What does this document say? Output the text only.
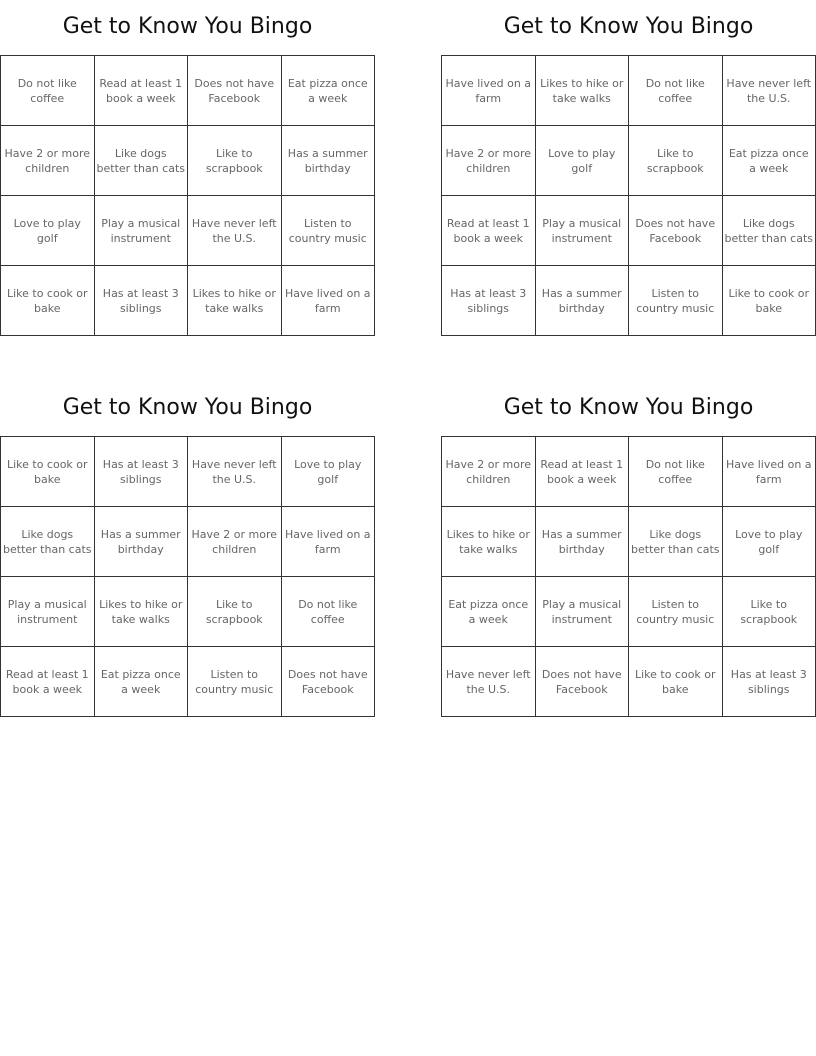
Get to Know You Bingo
Do not like coffee
Read at least 1 book a week
Does not have Facebook
Eat pizza once a week
Have 2 or more children
Like dogs better than cats
Like to scrapbook
Has a summer birthday
Love to play golf
Play a musical instrument
Have never left the U.S.
Listen to country music
Like to cook or bake
Has at least 3 siblings
Likes to hike or take walks
Have lived on a farm
Get to Know You Bingo
Have lived on a farm
Likes to hike or take walks
Do not like coffee
Have never left the U.S.
Have 2 or more children
Love to play golf
Like to scrapbook
Eat pizza once a week
Read at least 1 book a week
Play a musical instrument
Does not have Facebook
Like dogs better than cats
Has at least 3 siblings
Has a summer birthday
Listen to country music
Like to cook or bake
Get to Know You Bingo
Like to cook or bake
Has at least 3 siblings
Have never left the U.S.
Love to play golf
Like dogs better than cats
Has a summer birthday
Have 2 or more children
Have lived on a farm
Play a musical instrument
Likes to hike or take walks
Like to scrapbook
Do not like coffee
Read at least 1 book a week
Eat pizza once a week
Listen to country music
Does not have Facebook
Get to Know You Bingo
Have 2 or more children
Read at least 1 book a week
Do not like coffee
Have lived on a farm
Likes to hike or take walks
Has a summer birthday
Like dogs better than cats
Love to play golf
Eat pizza once a week
Play a musical instrument
Listen to country music
Like to scrapbook
Have never left the U.S.
Does not have Facebook
Like to cook or bake
Has at least 3 siblings
